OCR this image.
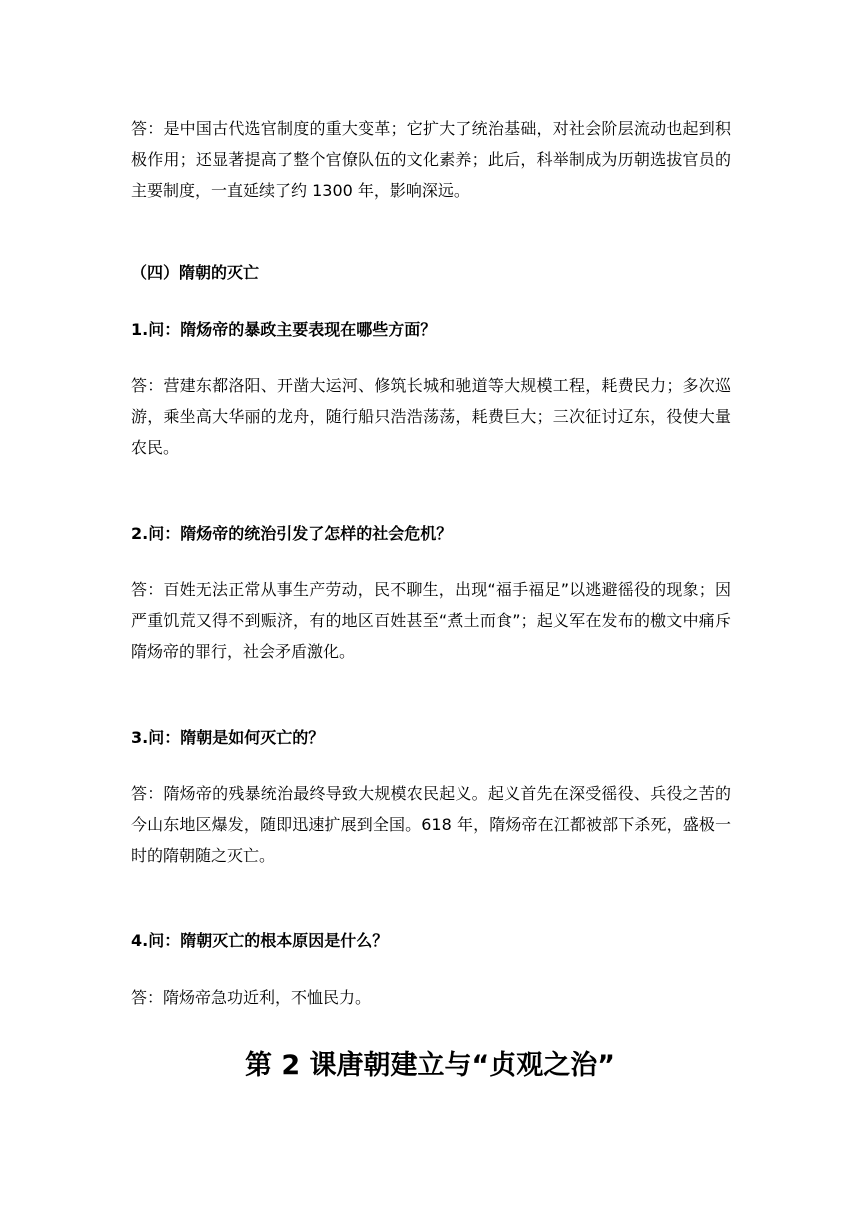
答：是中国古代选官制度的重大变革；它扩大了统治基础，对社会阶层流动也起到积极作用；还显著提高了整个官僚队伍的文化素养；此后，科举制成为历朝选拔官员的主要制度，一直延续了约 1300 年，影响深远。

（四）隋朝的灭亡

1.问：隋炀帝的暴政主要表现在哪些方面？

答：营建东都洛阳、开凿大运河、修筑长城和驰道等大规模工程，耗费民力；多次巡游，乘坐高大华丽的龙舟，随行船只浩浩荡荡，耗费巨大；三次征讨辽东，役使大量农民。

2.问：隋炀帝的统治引发了怎样的社会危机？

答：百姓无法正常从事生产劳动，民不聊生，出现“福手福足”以逃避徭役的现象；因严重饥荒又得不到赈济，有的地区百姓甚至“煮土而食”；起义军在发布的檄文中痛斥隋炀帝的罪行，社会矛盾激化。

3.问：隋朝是如何灭亡的？

答：隋炀帝的残暴统治最终导致大规模农民起义。起义首先在深受徭役、兵役之苦的今山东地区爆发，随即迅速扩展到全国。618 年，隋炀帝在江都被部下杀死，盛极一时的隋朝随之灭亡。

4.问：隋朝灭亡的根本原因是什么？

答：隋炀帝急功近利，不恤民力。

第 2 课唐朝建立与“贞观之治”
